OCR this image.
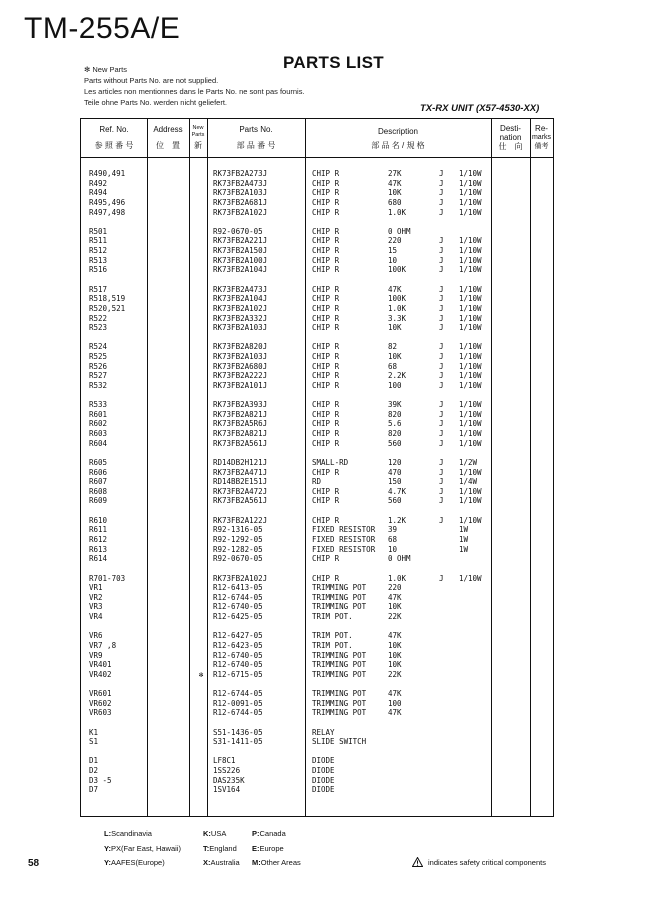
TM-255A/E
PARTS LIST
✻ New Parts
Parts without Parts No. are not supplied.
Les articles non mentionnes dans le Parts No. ne sont pas fournis.
Teile ohne Parts No. werden nicht geliefert.
TX-RX UNIT (X57-4530-XX)
Ref. No.
参 照 番 号
Address
位　置
New
Parts
新
Parts No.
部 品 番 号
Description
部 品 名 / 規 格
Desti-
nation
仕　向
Re-
marks
備考
R490,491	RK73FB2A273J	CHIP R	27K	J 1/10W
R492	RK73FB2A473J	CHIP R	47K	J 1/10W
R494	RK73FB2A103J	CHIP R	10K	J 1/10W
R495,496	RK73FB2A681J	CHIP R	680	J 1/10W
R497,498	RK73FB2A102J	CHIP R	1.0K	J 1/10W
R501	R92-0670-05	CHIP R	0 OHM
R511	RK73FB2A221J	CHIP R	220	J 1/10W
R512	RK73FB2A150J	CHIP R	15	J 1/10W
R513	RK73FB2A100J	CHIP R	10	J 1/10W
R516	RK73FB2A104J	CHIP R	100K	J 1/10W
R517	RK73FB2A473J	CHIP R	47K	J 1/10W
R518,519	RK73FB2A104J	CHIP R	100K	J 1/10W
R520,521	RK73FB2A102J	CHIP R	1.0K	J 1/10W
R522	RK73FB2A332J	CHIP R	3.3K	J 1/10W
R523	RK73FB2A103J	CHIP R	10K	J 1/10W
R524	RK73FB2A820J	CHIP R	82	J 1/10W
R525	RK73FB2A103J	CHIP R	10K	J 1/10W
R526	RK73FB2A680J	CHIP R	68	J 1/10W
R527	RK73FB2A222J	CHIP R	2.2K	J 1/10W
R532	RK73FB2A101J	CHIP R	100	J 1/10W
R533	RK73FB2A393J	CHIP R	39K	J 1/10W
R601	RK73FB2A821J	CHIP R	820	J 1/10W
R602	RK73FB2A5R6J	CHIP R	5.6	J 1/10W
R603	RK73FB2A821J	CHIP R	820	J 1/10W
R604	RK73FB2A561J	CHIP R	560	J 1/10W
R605	RD14DB2H121J	SMALL-RD	120	J 1/2W
R606	RK73FB2A471J	CHIP R	470	J 1/10W
R607	RD14BB2E151J	RD	150	J 1/4W
R608	RK73FB2A472J	CHIP R	4.7K	J 1/10W
R609	RK73FB2A561J	CHIP R	560	J 1/10W
R610	RK73FB2A122J	CHIP R	1.2K	J 1/10W
R611	R92-1316-05	FIXED RESISTOR 39	1W
R612	R92-1292-05	FIXED RESISTOR 68	1W
R613	R92-1282-05	FIXED RESISTOR 10	1W
R614	R92-0670-05	CHIP R	0 OHM
R701-703	RK73FB2A102J	CHIP R	1.0K	J 1/10W
VR1	R12-6413-05	TRIMMING POT	220
VR2	R12-6744-05	TRIMMING POT	47K
VR3	R12-6740-05	TRIMMING POT	10K
VR4	R12-6425-05	TRIM POT.	22K
VR6	R12-6427-05	TRIM POT.	47K
VR7 ,8	R12-6423-05	TRIM POT.	10K
VR9	R12-6740-05	TRIMMING POT	10K
VR401	R12-6740-05	TRIMMING POT	10K
VR402	✻ R12-6715-05	TRIMMING POT	22K
VR601	R12-6744-05	TRIMMING POT	47K
VR602	R12-0091-05	TRIMMING POT	100
VR603	R12-6744-05	TRIMMING POT	47K
K1	S51-1436-05	RELAY
S1	S31-1411-05	SLIDE SWITCH
D1	LF8C1	DIODE
D2	1SS226	DIODE
D3 -5	DAS235K	DIODE
D7	1SV164	DIODE
58
L:Scandinavia	K:USA	P:Canada
Y:PX(Far East, Hawaii)	T:England E:Europe
Y:AAFES(Europe)	X:Australia M:Other Areas	indicates safety critical components
